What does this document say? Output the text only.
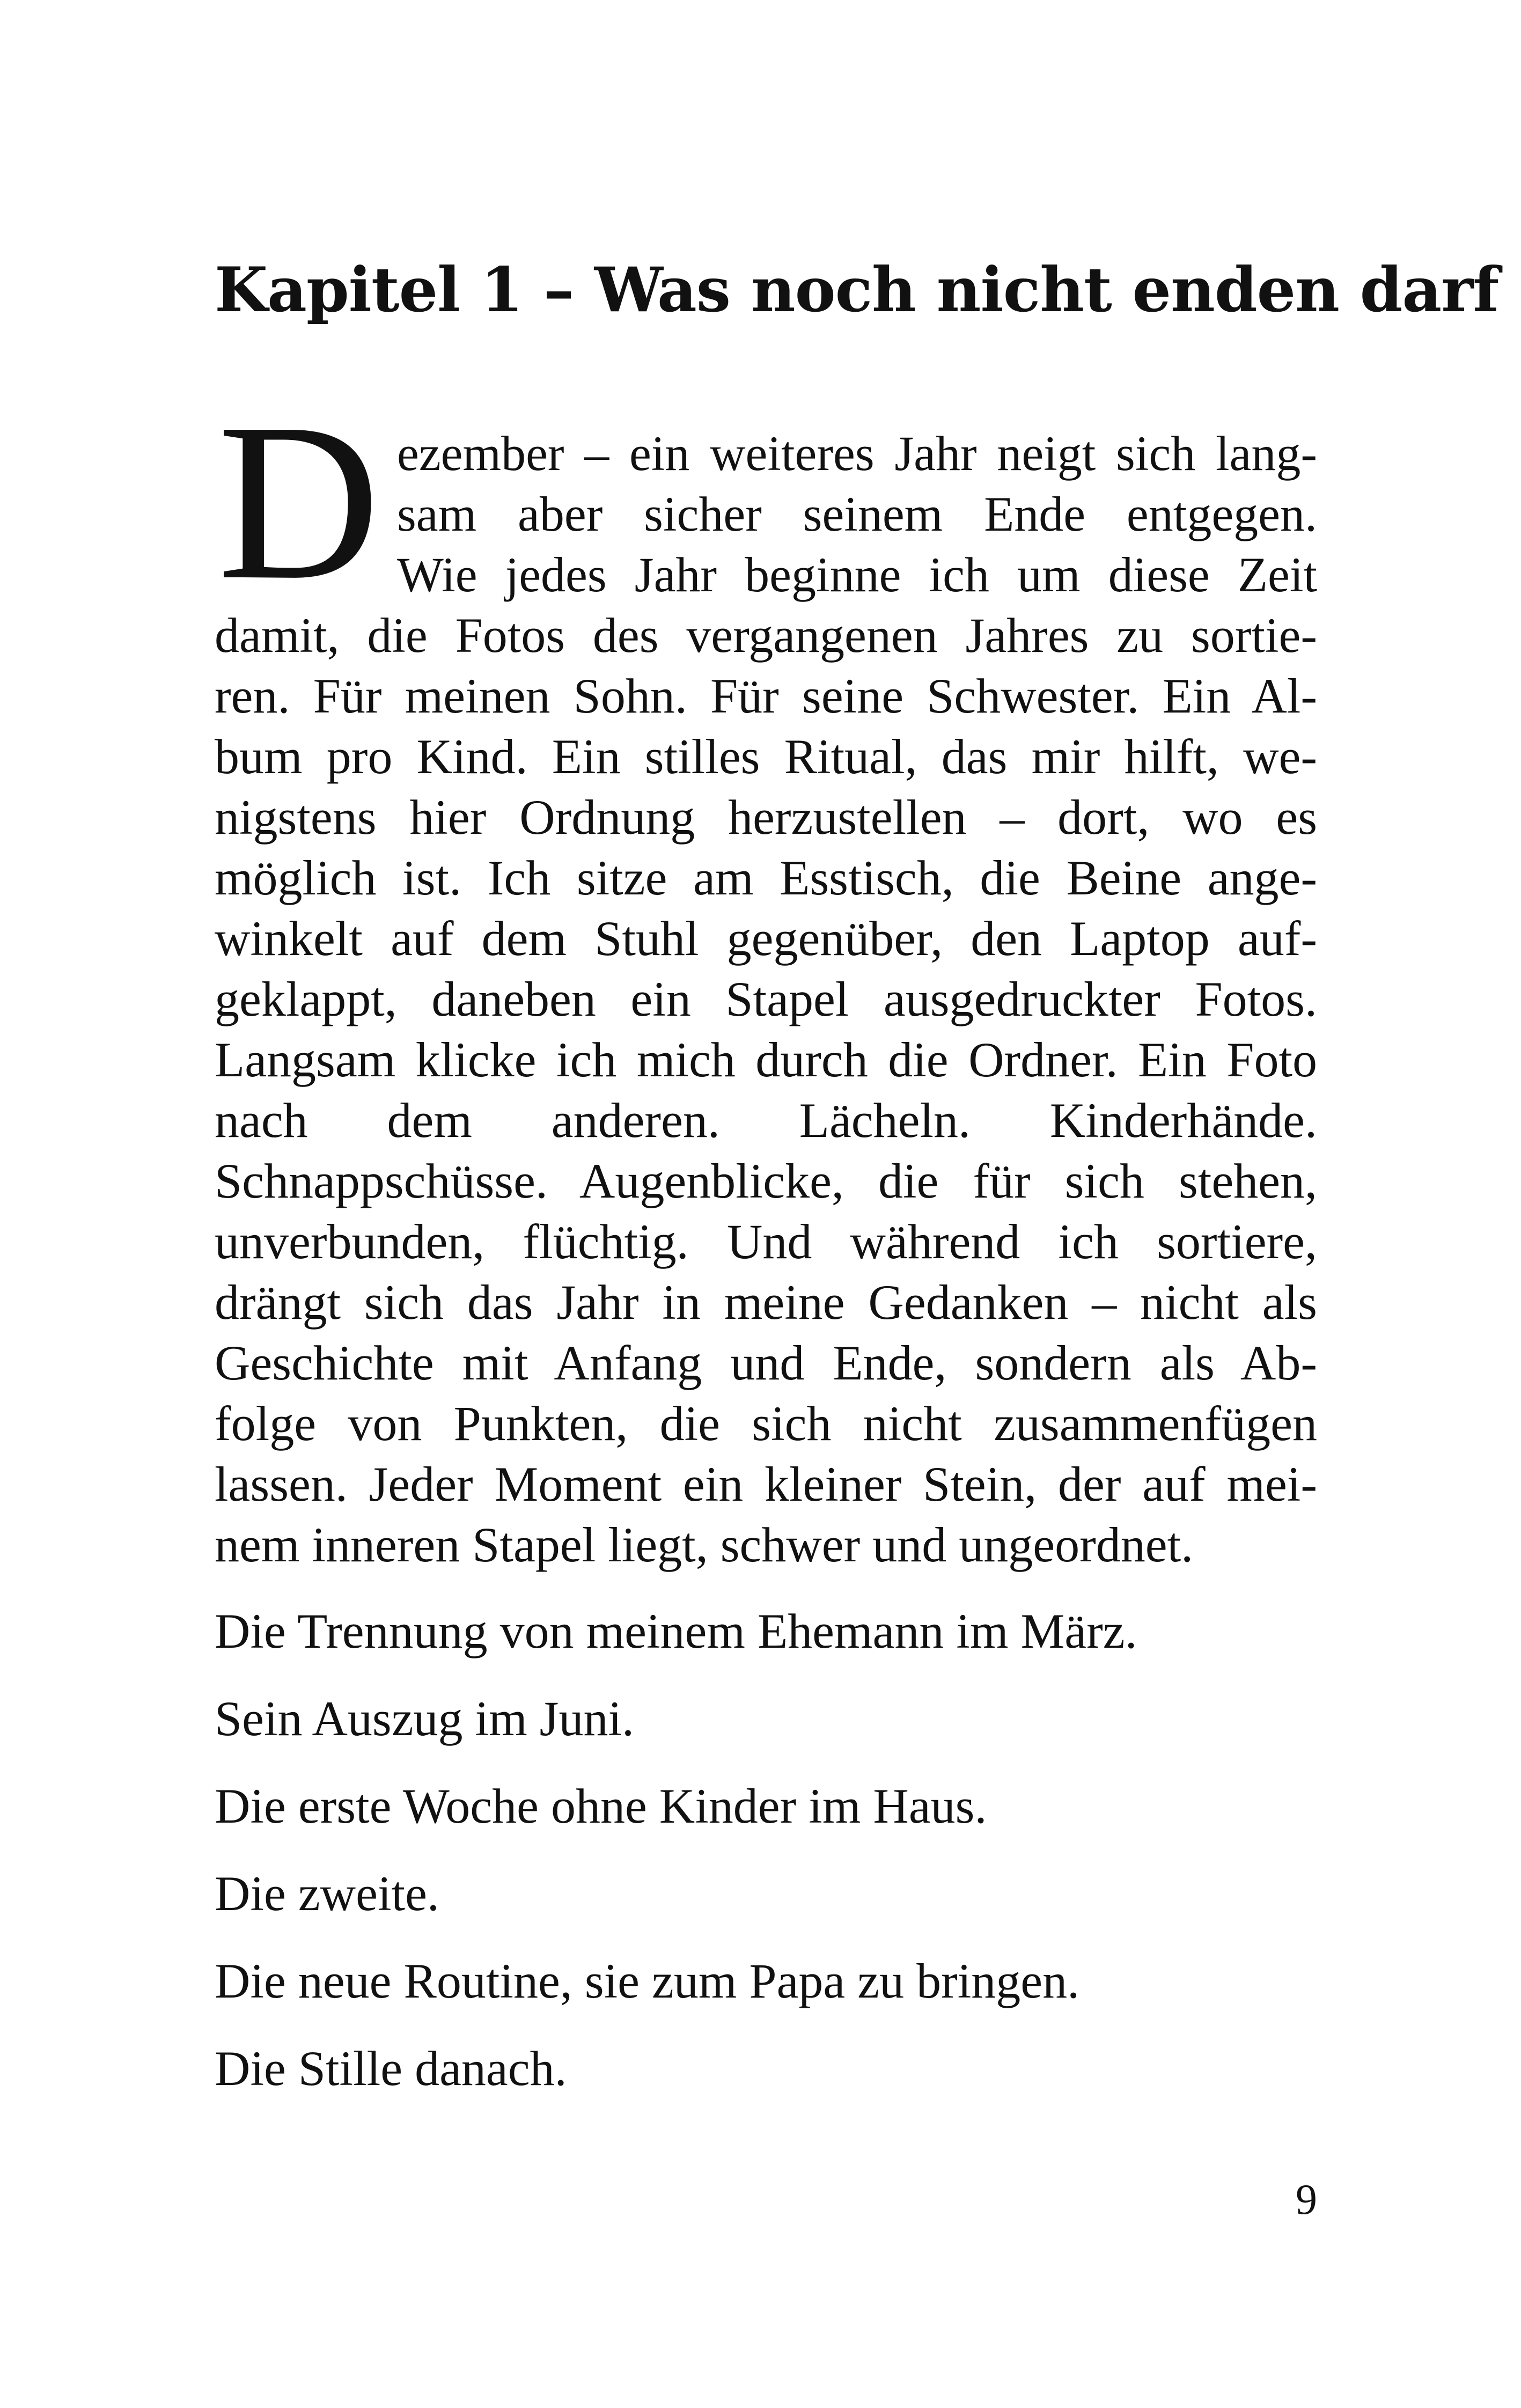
Kapitel 1 – Was noch nicht enden darf
D ezember – ein weiteres Jahr neigt sich lang-
sam aber sicher seinem Ende entgegen.
Wie jedes Jahr beginne ich um diese Zeit
damit, die Fotos des vergangenen Jahres zu sortie-
ren. Für meinen Sohn. Für seine Schwester. Ein Al-
bum pro Kind. Ein stilles Ritual, das mir hilft, we-
nigstens hier Ordnung herzustellen – dort, wo es
möglich ist. Ich sitze am Esstisch, die Beine ange-
winkelt auf dem Stuhl gegenüber, den Laptop auf-
geklappt, daneben ein Stapel ausgedruckter Fotos.
Langsam klicke ich mich durch die Ordner. Ein Foto
nach dem anderen. Lächeln. Kinderhände.
Schnappschüsse. Augenblicke, die für sich stehen,
unverbunden, flüchtig. Und während ich sortiere,
drängt sich das Jahr in meine Gedanken – nicht als
Geschichte mit Anfang und Ende, sondern als Ab-
folge von Punkten, die sich nicht zusammenfügen
lassen. Jeder Moment ein kleiner Stein, der auf mei-
nem inneren Stapel liegt, schwer und ungeordnet.
Die Trennung von meinem Ehemann im März.
Sein Auszug im Juni.
Die erste Woche ohne Kinder im Haus.
Die zweite.
Die neue Routine, sie zum Papa zu bringen.
Die Stille danach.
9
